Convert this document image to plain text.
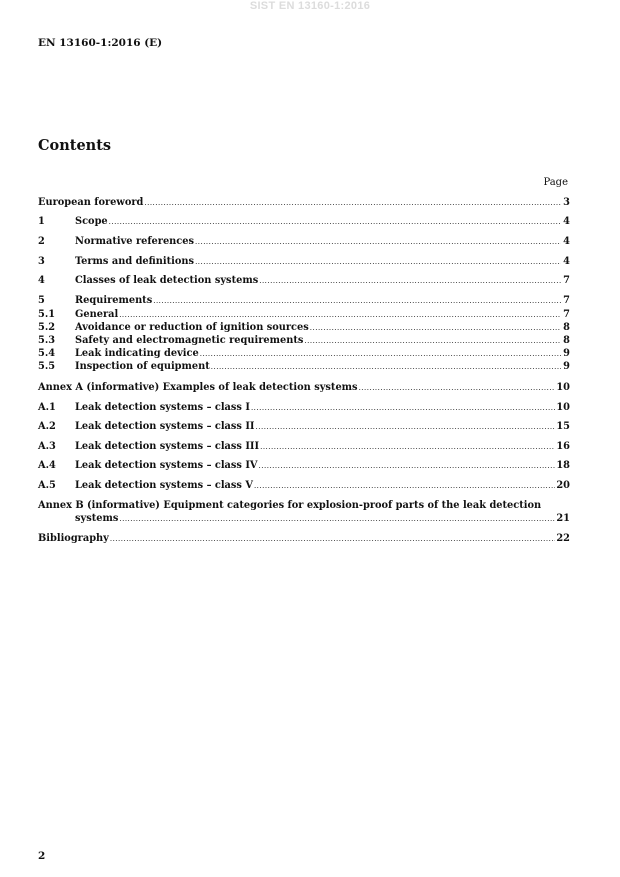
SIST EN 13160-1:2016
EN 13160-1:2016 (E)
Contents
Page
European foreword .....	3
1	Scope .....	4
2	Normative references .....	4
3	Terms and definitions .....	4
4	Classes of leak detection systems .....	7
5	Requirements .....	7
5.1	General .....	7
5.2	Avoidance or reduction of ignition sources .....	8
5.3	Safety and electromagnetic requirements .....	8
5.4	Leak indicating device .....	9
5.5	Inspection of equipment .....	9
Annex A (informative) Examples of leak detection systems .....	10
A.1	Leak detection systems – class I .....	10
A.2	Leak detection systems – class II .....	15
A.3	Leak detection systems – class III .....	16
A.4	Leak detection systems – class IV .....	18
A.5	Leak detection systems – class V .....	20
Annex B (informative) Equipment categories for explosion-proof parts of the leak detection
systems .....	21
Bibliography .....	22
2
